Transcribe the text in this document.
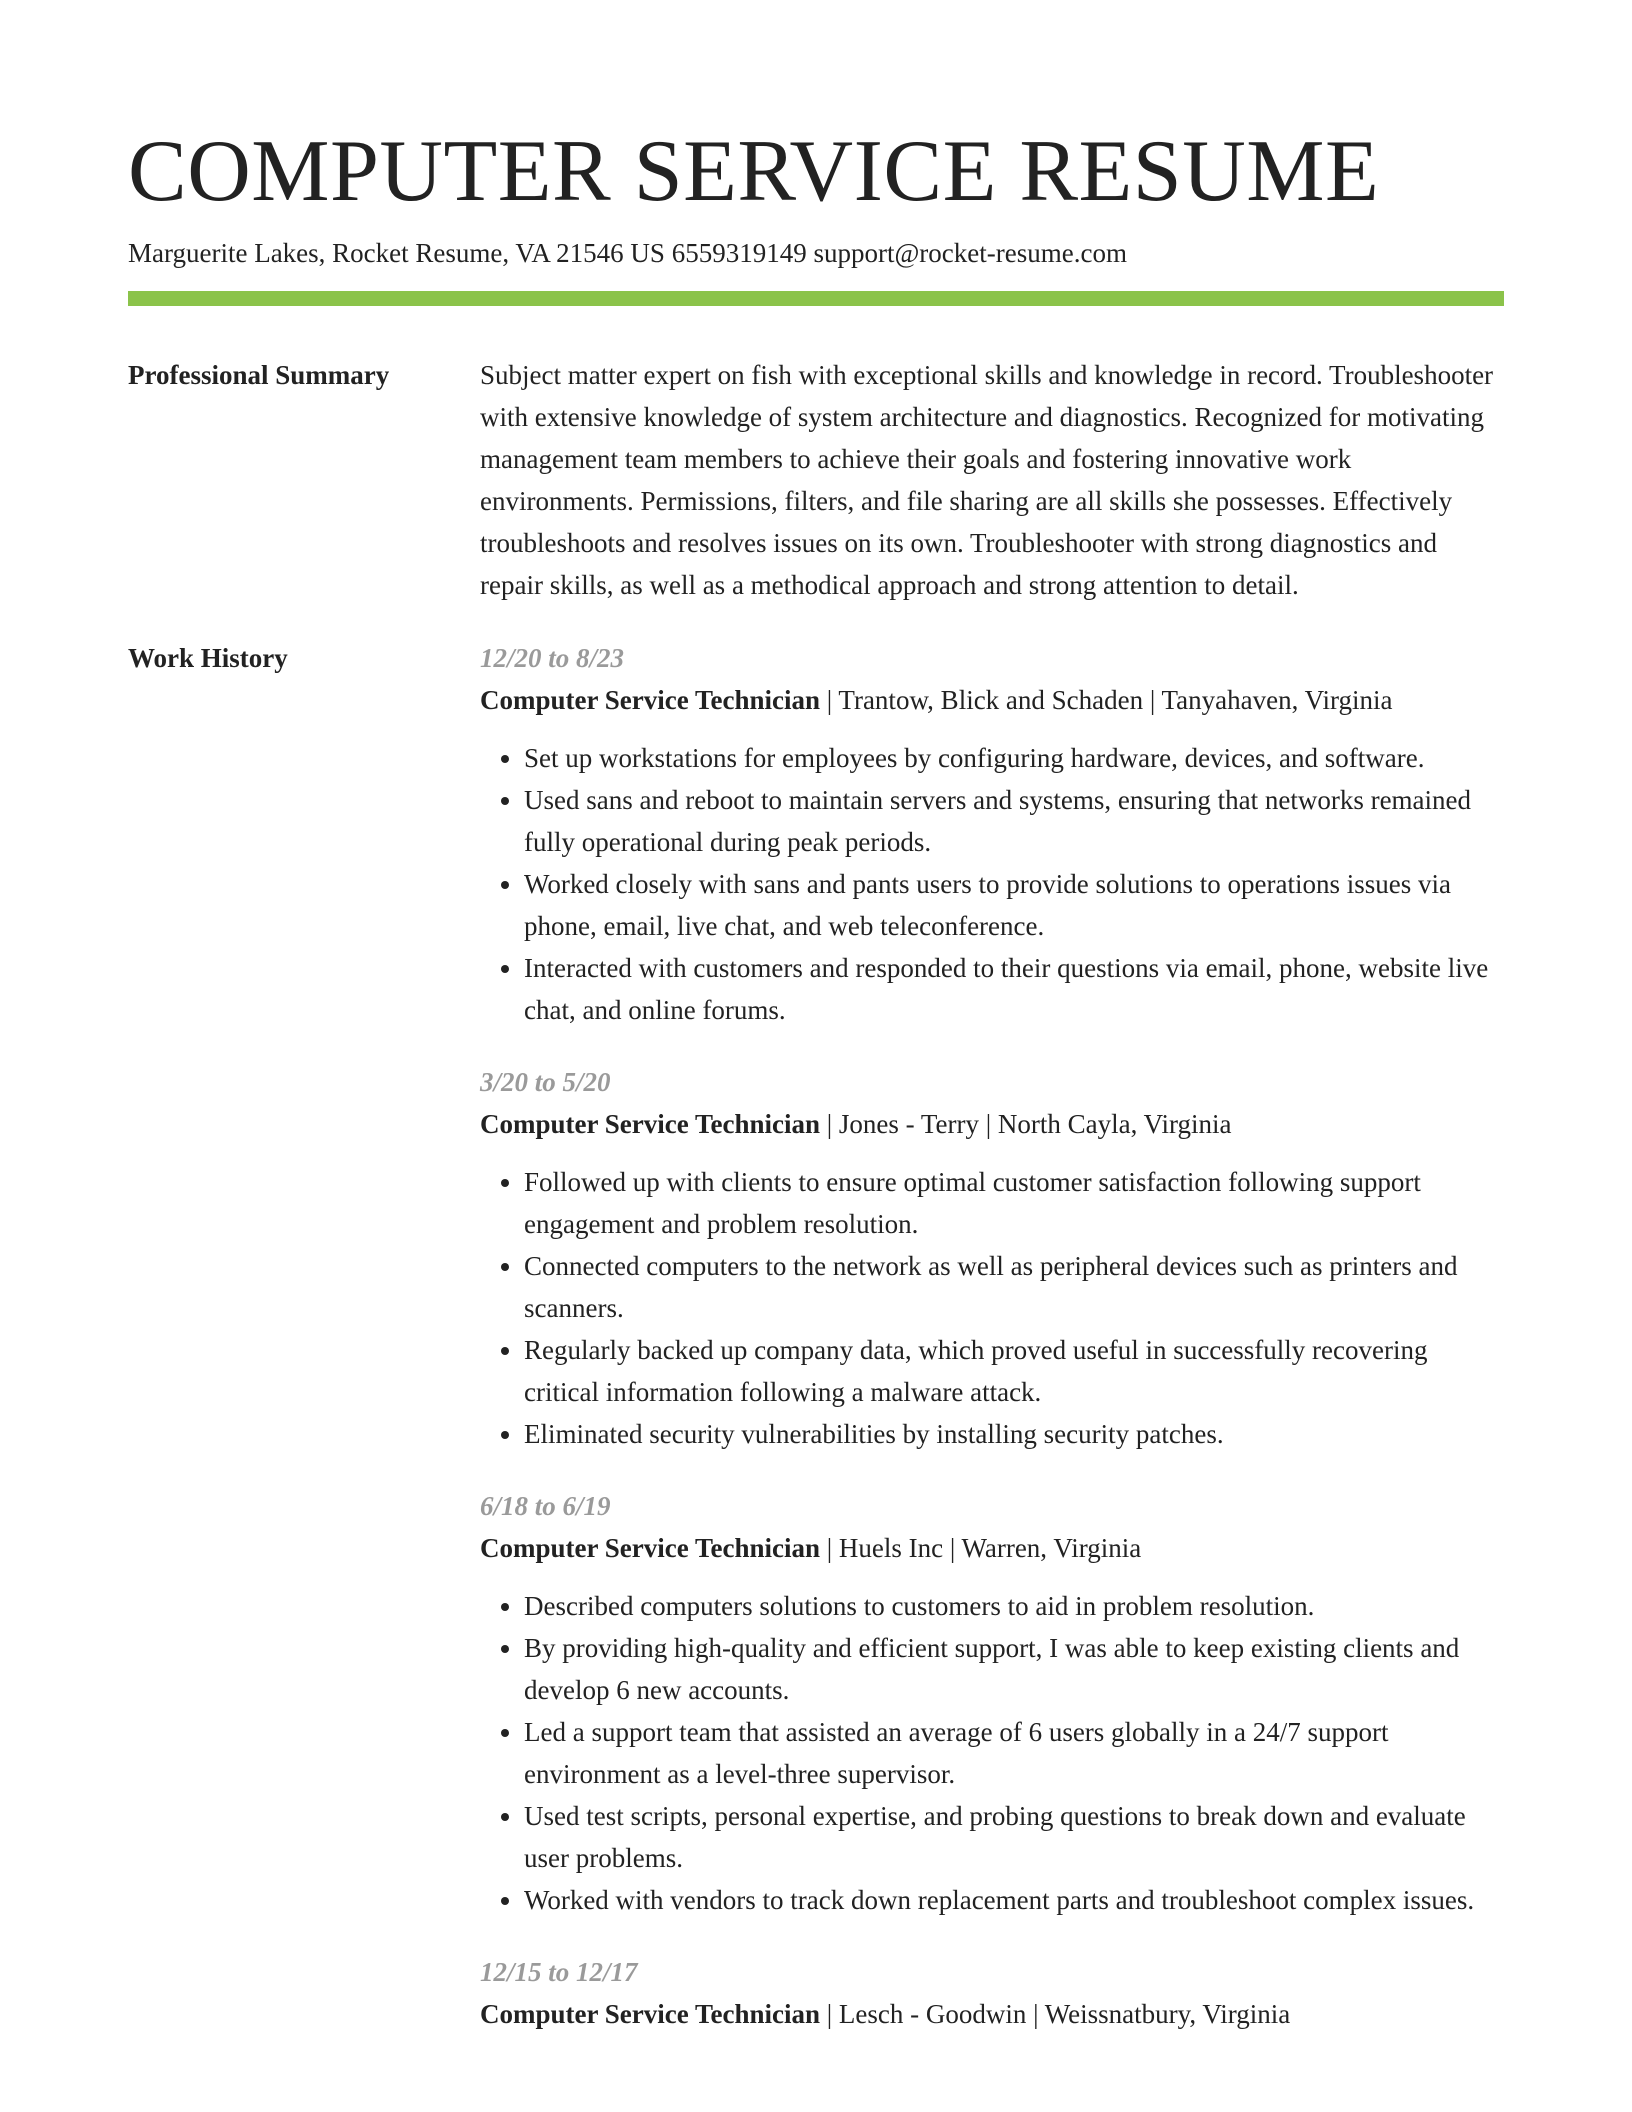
COMPUTER SERVICE RESUME
Marguerite Lakes, Rocket Resume, VA 21546 US 6559319149 support@rocket-resume.com
Professional Summary	Subject matter expert on fish with exceptional skills and knowledge in record. Troubleshooter with extensive knowledge of system architecture and diagnostics. Recognized for motivating management team members to achieve their goals and fostering innovative work environments. Permissions, filters, and file sharing are all skills she possesses. Effectively troubleshoots and resolves issues on its own. Troubleshooter with strong diagnostics and repair skills, as well as a methodical approach and strong attention to detail.
Work History	12/20 to 8/23
Computer Service Technician | Trantow, Blick and Schaden | Tanyahaven, Virginia
• Set up workstations for employees by configuring hardware, devices, and software.
• Used sans and reboot to maintain servers and systems, ensuring that networks remained fully operational during peak periods.
• Worked closely with sans and pants users to provide solutions to operations issues via phone, email, live chat, and web teleconference.
• Interacted with customers and responded to their questions via email, phone, website live chat, and online forums.
3/20 to 5/20
Computer Service Technician | Jones - Terry | North Cayla, Virginia
• Followed up with clients to ensure optimal customer satisfaction following support engagement and problem resolution.
• Connected computers to the network as well as peripheral devices such as printers and scanners.
• Regularly backed up company data, which proved useful in successfully recovering critical information following a malware attack.
• Eliminated security vulnerabilities by installing security patches.
6/18 to 6/19
Computer Service Technician | Huels Inc | Warren, Virginia
• Described computers solutions to customers to aid in problem resolution.
• By providing high-quality and efficient support, I was able to keep existing clients and develop 6 new accounts.
• Led a support team that assisted an average of 6 users globally in a 24/7 support environment as a level-three supervisor.
• Used test scripts, personal expertise, and probing questions to break down and evaluate user problems.
• Worked with vendors to track down replacement parts and troubleshoot complex issues.
12/15 to 12/17
Computer Service Technician | Lesch - Goodwin | Weissnatbury, Virginia
